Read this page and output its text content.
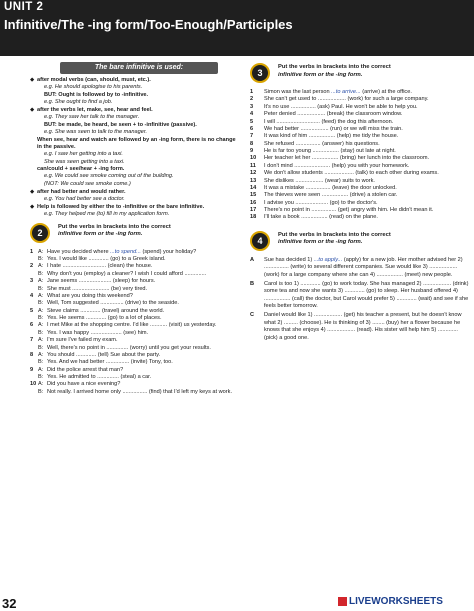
UNIT 2
Infinitive/The -ing form/Too-Enough/Participles
The bare infinitive is used:
◆ after modal verbs (can, should, must, etc.).
e.g. He should apologise to his parents.
BUT: Ought is followed by to -infinitive.
e.g. She ought to find a job.
◆ after the verbs let, make, see, hear and feel.
e.g. They saw her talk to the manager.
BUT: be made, be heard, be seen + to -infinitive (passive).
e.g. She was seen to talk to the manager.
When see, hear and watch are followed by an -ing form, there is no change in the passive.
e.g. I saw her getting into a taxi.
She was seen getting into a taxi.
can/could + see/hear + -ing form.
e.g. We could see smoke coming out of the building.
(NOT: We could see smoke come.)
◆ after had better and would rather.
e.g. You had better see a doctor.
◆ Help is followed by either the to -infinitive or the bare infinitive.
e.g. They helped me (to) fill in my application form.
2
Put the verbs in brackets into the correct
infinitive form or the -ing form.
1 A: Have you decided where ...to spend... (spend) your holiday?
B: Yes. I would like ............. (go) to a Greek island.
2 A: I hate ............................ (clean) the house.
B: Why don't you (employ) a cleaner? I wish I could afford ..............
3 A: Jane seems ..................... (sleep) for hours.
B: She must ........................ (be) very tired.
4 A: What are you doing this weekend?
B: Well, Tom suggested ............... (drive) to the seaside.
5 A: Steve claims ............. (travel) around the world.
B: Yes. He seems ............. (go) to a lot of places.
6 A: I met Mike at the shopping centre. I'd like ........... (visit) us yesterday.
B: Yes. I was happy .................... (see) him.
7 A: I'm sure I've failed my exam.
B: Well, there's no point in .............. (worry) until you get your results.
8 A: You should ............. (tell) Sue about the party.
B: Yes. And we had better ............... (invite) Tony, too.
9 A: Did the police arrest that man?
B: Yes. He admitted to .............. (steal) a car.
10 A: Did you have a nice evening?
B: Not really. I arrived home only ................ (find) that I'd left my keys at work.
3
Put the verbs in brackets into the correct
infinitive form or the -ing form.
1 Simon was the last person ...to arrive... (arrive) at the office.
2 She can't get used to .................. (work) for such a large company.
3 It's no use ................ (ask) Paul. He won't be able to help you.
4 Peter denied .................. (break) the classroom window.
5 I will ............................ (feed) the dog this afternoon.
6 We had better .................. (run) or we will miss the train.
7 It was kind of him ................. (help) me tidy the house.
8 She refused ................ (answer) his questions.
9 He is far too young ................. (stay) out late at night.
10 Her teacher let her ................. (bring) her lunch into the classroom.
11 I don't mind ....................... (help) you with your homework.
12 We don't allow students ................... (talk) to each other during exams.
13 She dislikes .................. (wear) suits to work.
14 It was a mistake ................ (leave) the door unlocked.
15 The thieves were seen ................. (drive) a stolen car.
16 I advise you ..................... (go) to the doctor's.
17 There's no point in ................ (get) angry with him. He didn't mean it.
18 I'll take a book ................. (read) on the plane.
4
Put the verbs in brackets into the correct
infinitive form or the -ing form.
A Sue has decided 1) ...to apply... (apply) for a new job. Her mother advised her 2) ................ (write) to several different companies. Sue would like 3) .................. (work) for a large company where she can 4) ................. (meet) new people.
B Carol is too 1) ............. (go) to work today. She has managed 2) .................. (drink) some tea and now she wants 3) ............. (go) to sleep. Her husband offered 4) ................. (call) the doctor, but Carol would prefer 5) ............. (wait) and see if she feels better tomorrow.
C Daniel would like 1) .................. (get) his teacher a present, but he doesn't know what 2) ......... (choose). He is thinking of 3) ........ (buy) her a flower because he knows that she enjoys 4) .................. (read). His sister will help him 5) ............. (pick) a good one.
32	LIVEWORKSHEETS
